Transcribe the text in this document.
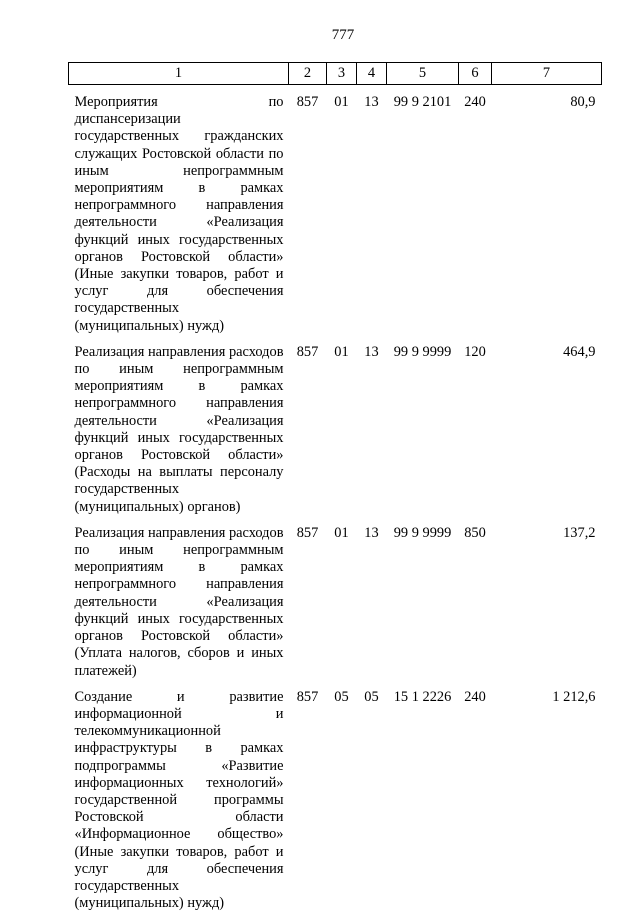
777
1	2	3	4	5	6	7
Мероприятия по диспансеризации государственных гражданских служащих Ростовской области по иным непрограммным мероприятиям в рамках непрограммного направления деятельности «Реализация функций иных государственных органов Ростовской области» (Иные закупки товаров, работ и услуг для обеспечения государственных (муниципальных) нужд)	857	01	13	99 9 2101	240	80,9
Реализация направления расходов по иным непрограммным мероприятиям в рамках непрограммного направления деятельности «Реализация функций иных государственных органов Ростовской области» (Расходы на выплаты персоналу государственных (муниципальных) органов)	857	01	13	99 9 9999	120	464,9
Реализация направления расходов по иным непрограммным мероприятиям в рамках непрограммного направления деятельности «Реализация функций иных государственных органов Ростовской области» (Уплата налогов, сборов и иных платежей)	857	01	13	99 9 9999	850	137,2
Создание и развитие информационной и телекоммуникационной инфраструктуры в рамках подпрограммы «Развитие информационных технологий» государственной программы Ростовской области «Информационное общество» (Иные закупки товаров, работ и услуг для обеспечения государственных (муниципальных) нужд)	857	05	05	15 1 2226	240	1 212,6
